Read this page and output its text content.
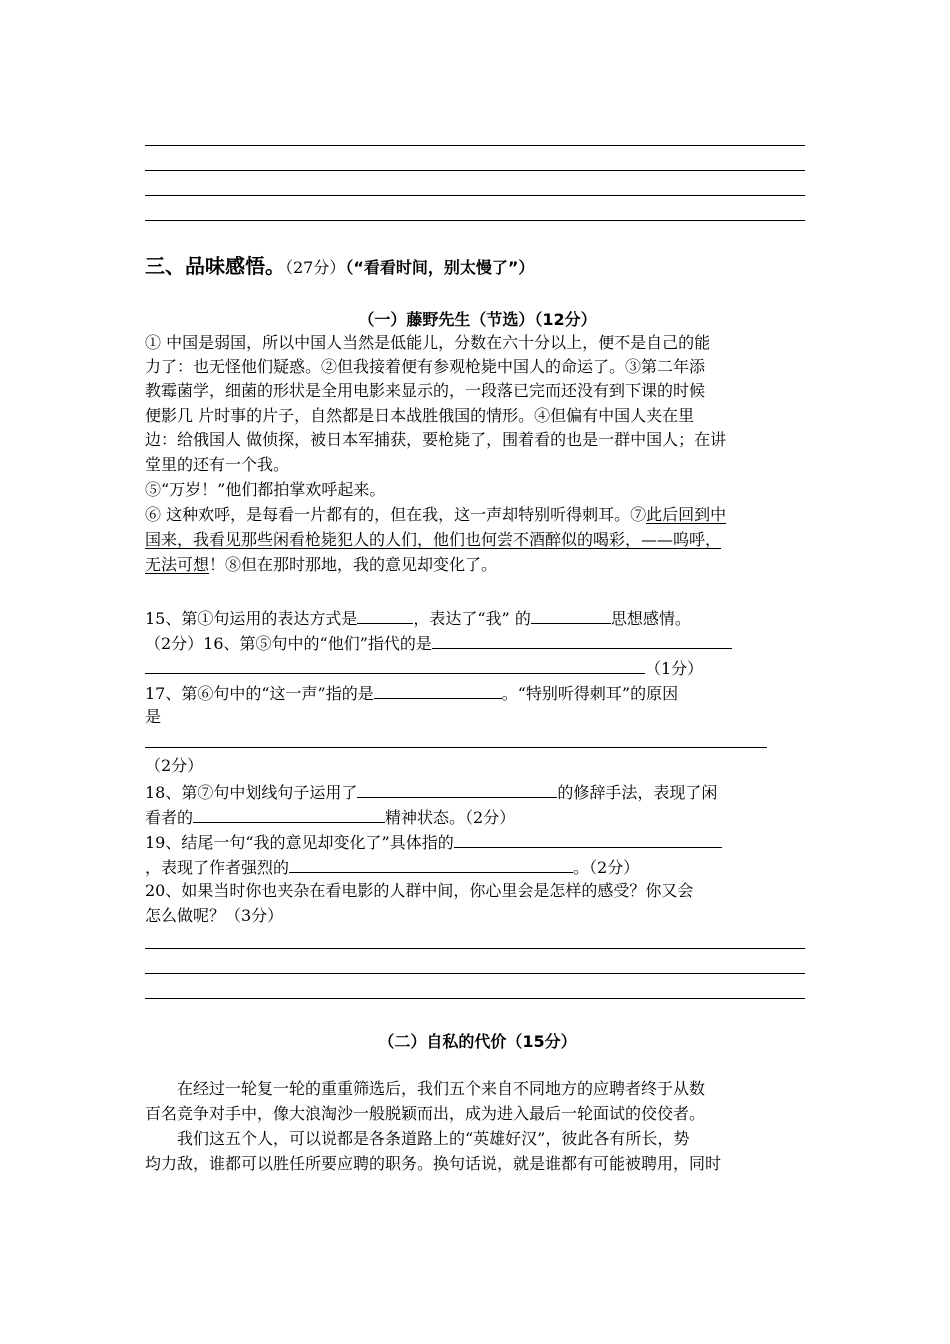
三、品味感悟。（27分）（“看看时间，别太慢了”）
（一）藤野先生（节选）（12分）
① 中国是弱国，所以中国人当然是低能儿，分数在六十分以上，便不是自己的能
力了：也无怪他们疑惑。②但我接着便有参观枪毙中国人的命运了。③第二年添
教霉菌学，细菌的形状是全用电影来显示的，一段落已完而还没有到下课的时候
便影几 片时事的片子，自然都是日本战胜俄国的情形。④但偏有中国人夹在里
边：给俄国人 做侦探，被日本军捕获，要枪毙了，围着看的也是一群中国人；在讲
堂里的还有一个我。
⑤“万岁！”他们都拍掌欢呼起来。
⑥ 这种欢呼，是每看一片都有的，但在我，这一声却特别听得刺耳。⑦此后回到中
国来，我看见那些闲看枪毙犯人的人们，他们也何尝不酒醉似的喝彩，——呜呼，
无法可想！⑧但在那时那地，我的意见却变化了。
15、第①句运用的表达方式是	，表达了“我” 的	思想感情。
（2分）16、第⑤句中的“他们”指代的是
（1分）
17、第⑥句中的“这一声”指的是	。“特别听得刺耳”的原因
是
（2分）
18、第⑦句中划线句子运用了	的修辞手法，表现了闲
看者的	精神状态。（2分）
19、结尾一句“我的意见却变化了”具体指的
，表现了作者强烈的	。（2分）
20、如果当时你也夹杂在看电影的人群中间，你心里会是怎样的感受？你又会
怎么做呢？（3分）
（二）自私的代价（15分）
在经过一轮复一轮的重重筛选后，我们五个来自不同地方的应聘者终于从数
百名竞争对手中，像大浪淘沙一般脱颖而出，成为进入最后一轮面试的佼佼者。
我们这五个人，可以说都是各条道路上的“英雄好汉”，彼此各有所长，势
均力敌，谁都可以胜任所要应聘的职务。换句话说，就是谁都有可能被聘用，同时
